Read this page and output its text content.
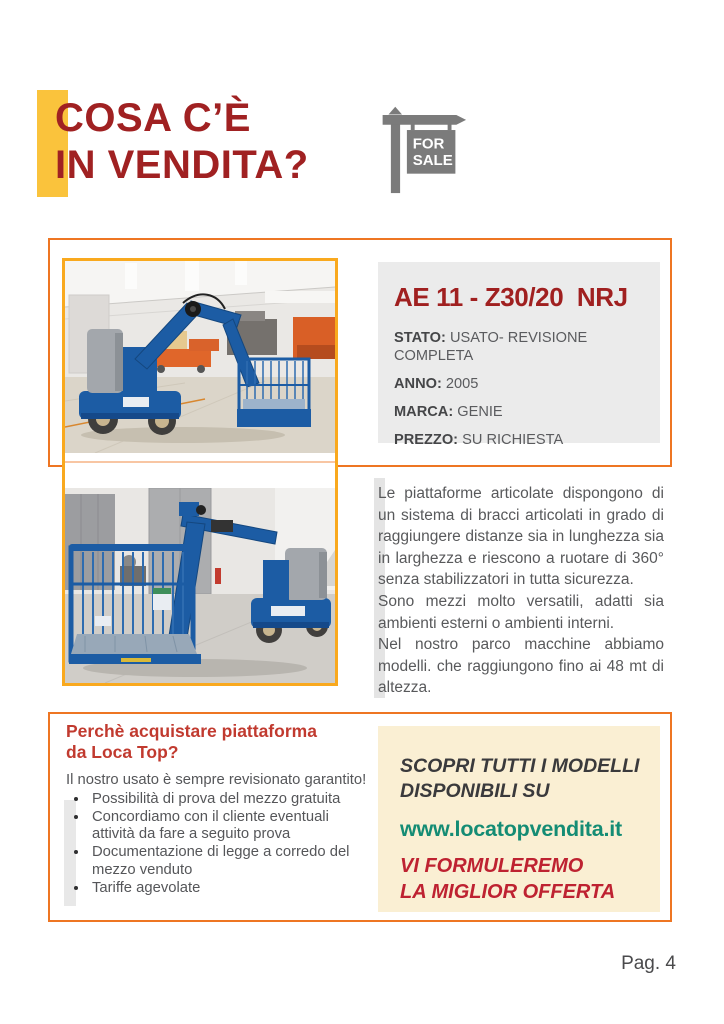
COSA C’È
IN VENDITA?	FOR
SALE
AE 11 - Z30/20  NRJ
STATO: USATO- REVISIONE COMPLETA
ANNO: 2005
MARCA: GENIE
PREZZO: SU RICHIESTA

Le piattaforme articolate dispongono di un sistema di bracci articolati in grado di raggiungere distanze sia in lunghezza sia in larghezza e riescono a ruotare di 360° senza stabilizzatori in tutta sicurezza.

Sono mezzi molto versatili, adatti sia ambienti esterni o ambienti interni.

Nel nostro parco macchine abbiamo modelli. che raggiungono fino ai 48 mt di altezza.

Perchè acquistare piattaforma
da Loca Top?
Il nostro usato è sempre revisionato garantito!
• Possibilità di prova del mezzo gratuita
• Concordiamo con il cliente eventuali attività da fare a seguito prova
• Documentazione di legge a corredo del mezzo venduto
• Tariffe agevolate
SCOPRI TUTTI I MODELLI
DISPONIBILI SU
www.locatopvendita.it
VI FORMULEREMO
LA MIGLIOR OFFERTA
Pag. 4
